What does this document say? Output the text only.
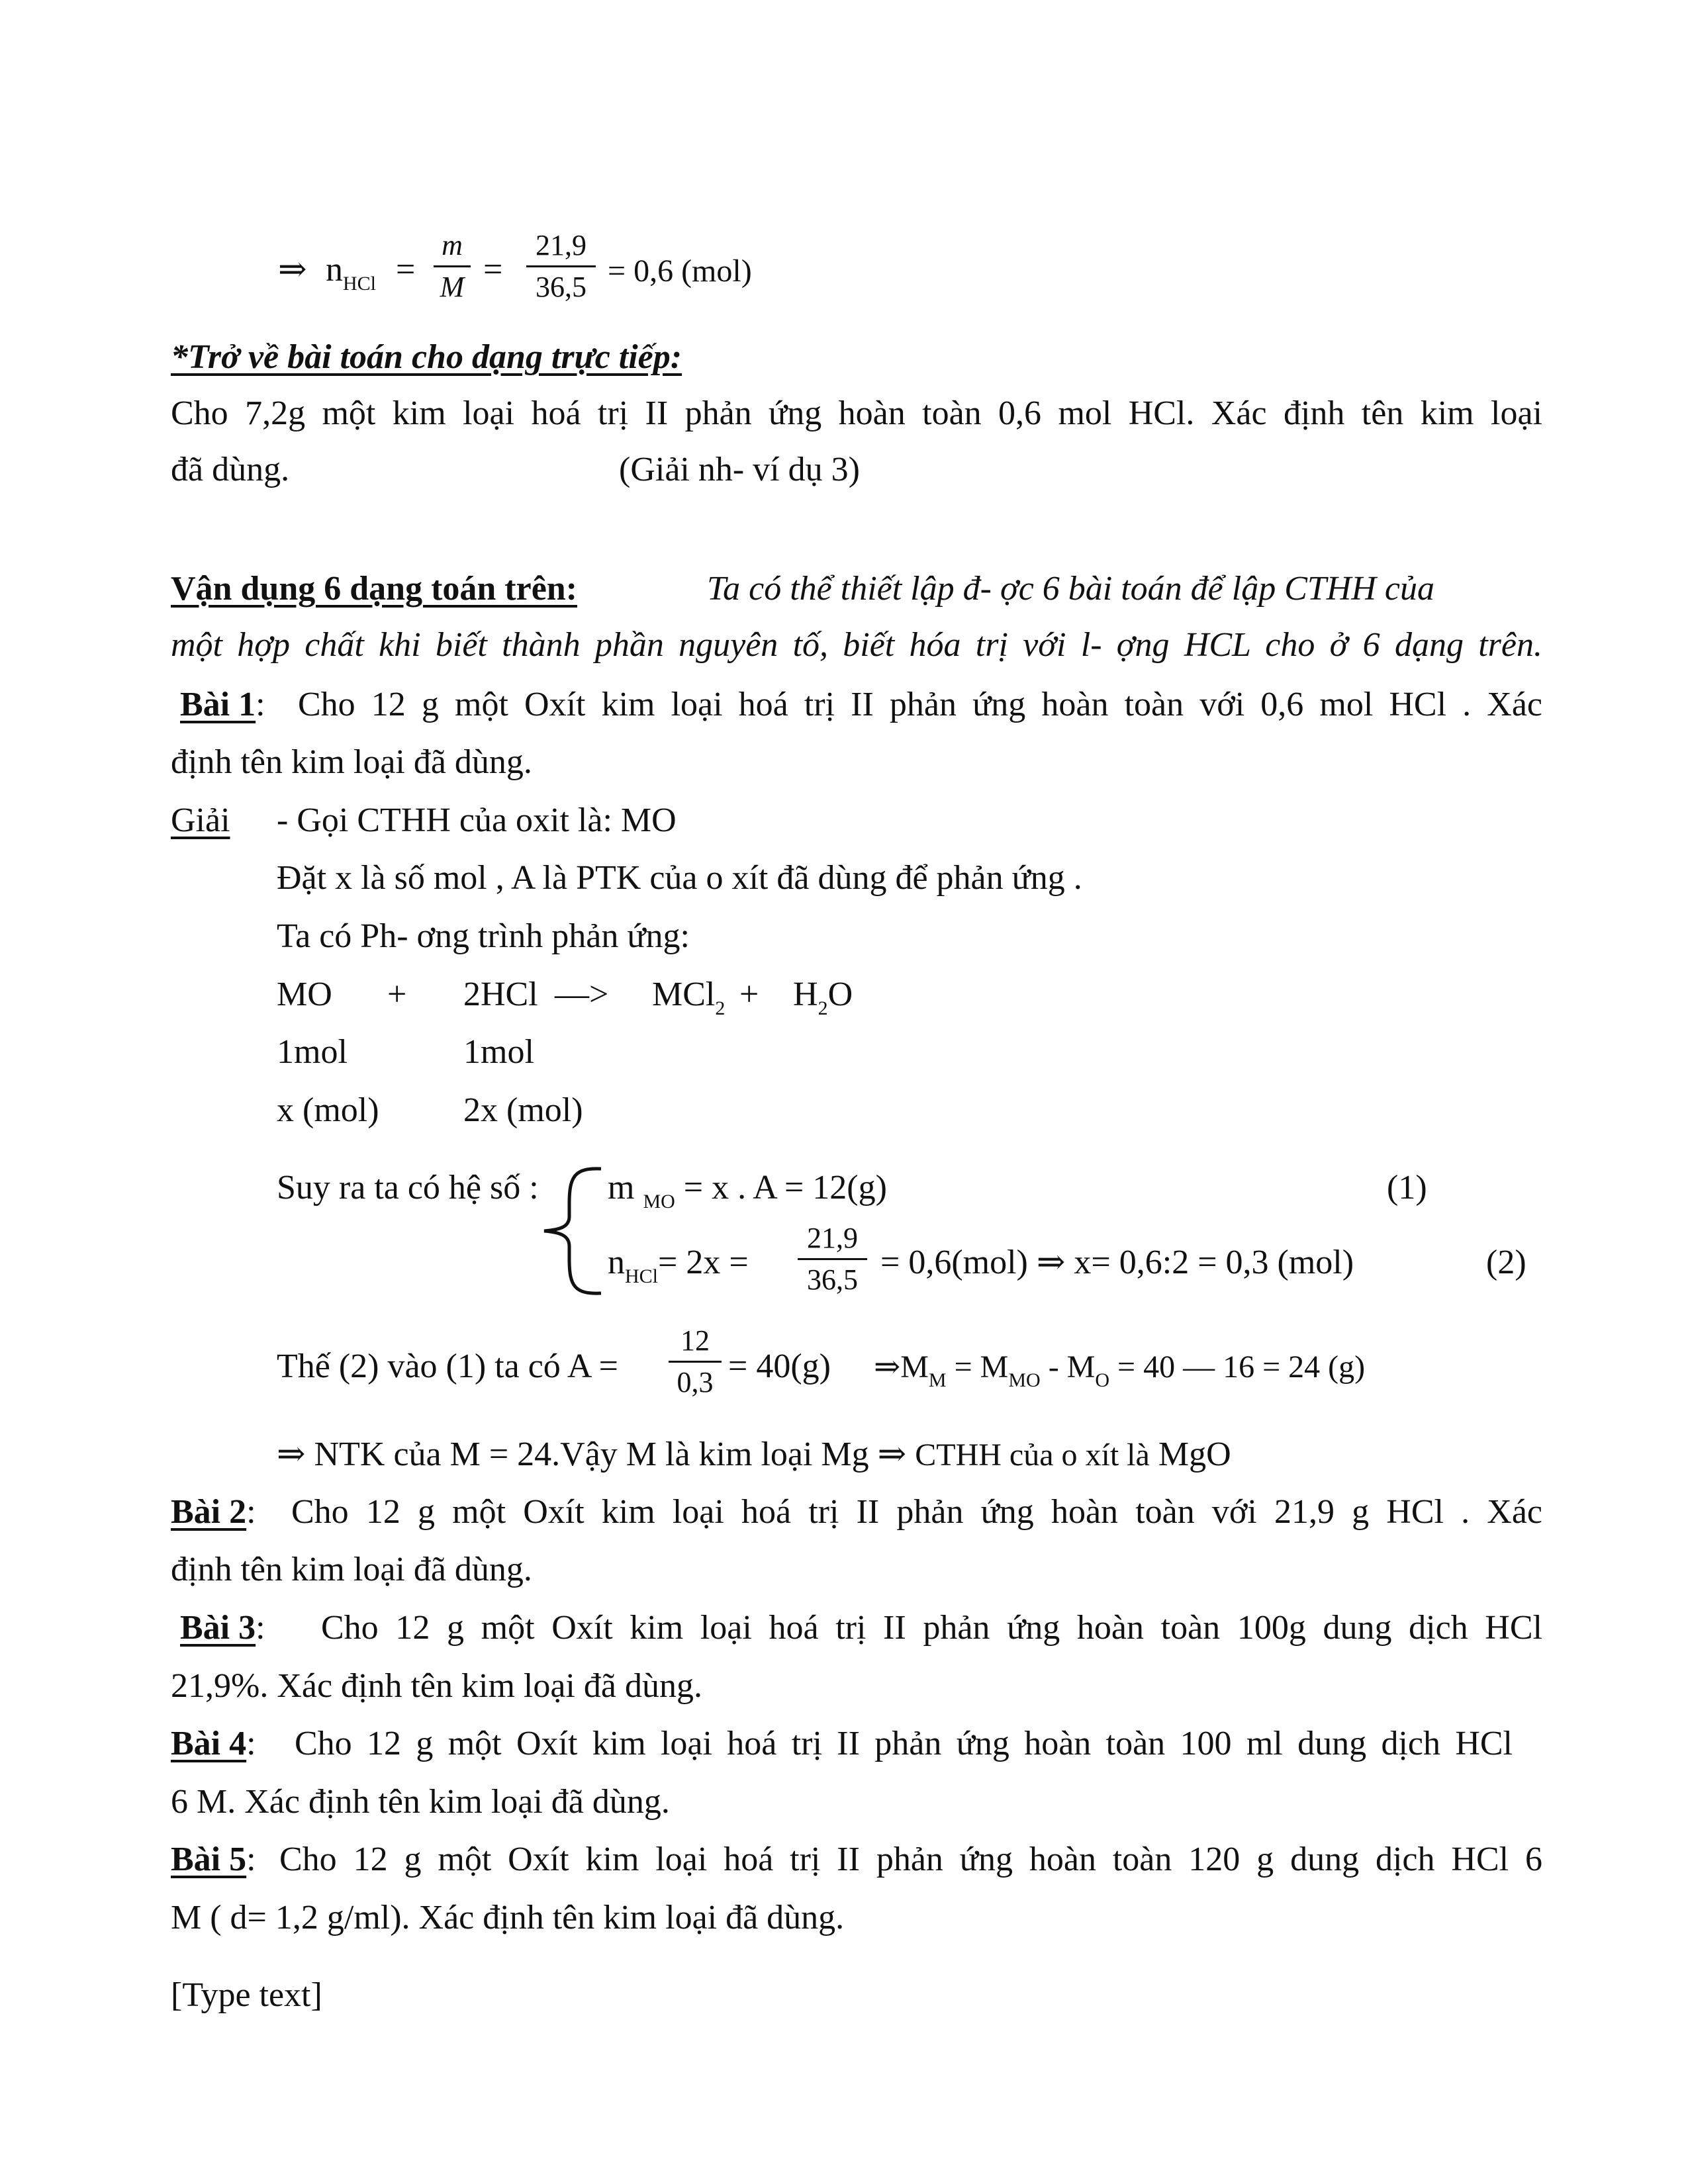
⇒ $n_{HCl}$ =
m
M =
21,9
36,5 = 0,6 (mol)
*Trở về bài toán cho dạng trực tiếp:
Cho 7,2g một kim loại hoá trị II phản ứng hoàn toàn 0,6 mol HCl. Xác định tên kim loại
đã dùng.	(Giải nh- ví dụ 3)
Vận dụng 6 dạng toán trên:	Ta có thể thiết lập đ- ợc 6 bài toán để lập CTHH của
một hợp chất khi biết thành phần nguyên tố, biết hóa trị với l- ợng HCL cho ở 6 dạng trên.
Bài 1: Cho 12 g một Oxít kim loại hoá trị II phản ứng hoàn toàn với 0,6 mol HCl . Xác
định tên kim loại đã dùng.
Giải - Gọi CTHH của oxit là: MO
Đặt x là số mol , A là PTK của o xít đã dùng để phản ứng .
Ta có Ph- ơng trình phản ứng:
MO + 2HCl —> $MCl_2 + H_2O$
1mol	1mol
x (mol) 2x (mol)
Suy ra ta có hệ số : m $_{MO}$ = x . A = 12(g)	(1)
$n_{HCl}= 2x$ =
21,9
36,5 = 0,6(mol) ⇒ x= 0,6:2 = 0,3 (mol)	(2)
Thế (2) vào (1) ta có A =
12
0,3 = 40(g) $\Rightarrow M_M = M_{MO} - M_O = 40$ — 16 = 24 (g)
⇒ NTK của M = 24.Vậy M là kim loại Mg ⇒ CTHH của o xít là MgO
Bài 2: Cho 12 g một Oxít kim loại hoá trị II phản ứng hoàn toàn với 21,9 g HCl . Xác
định tên kim loại đã dùng.
Bài 3: Cho 12 g một Oxít kim loại hoá trị II phản ứng hoàn toàn 100g dung dịch HCl
21,9%. Xác định tên kim loại đã dùng.
Bài 4: Cho 12 g một Oxít kim loại hoá trị II phản ứng hoàn toàn 100 ml dung dịch HCl
6 M. Xác định tên kim loại đã dùng.
Bài 5: Cho 12 g một Oxít kim loại hoá trị II phản ứng hoàn toàn 120 g dung dịch HCl 6
M ( d= 1,2 g/ml). Xác định tên kim loại đã dùng.
[Type text]
